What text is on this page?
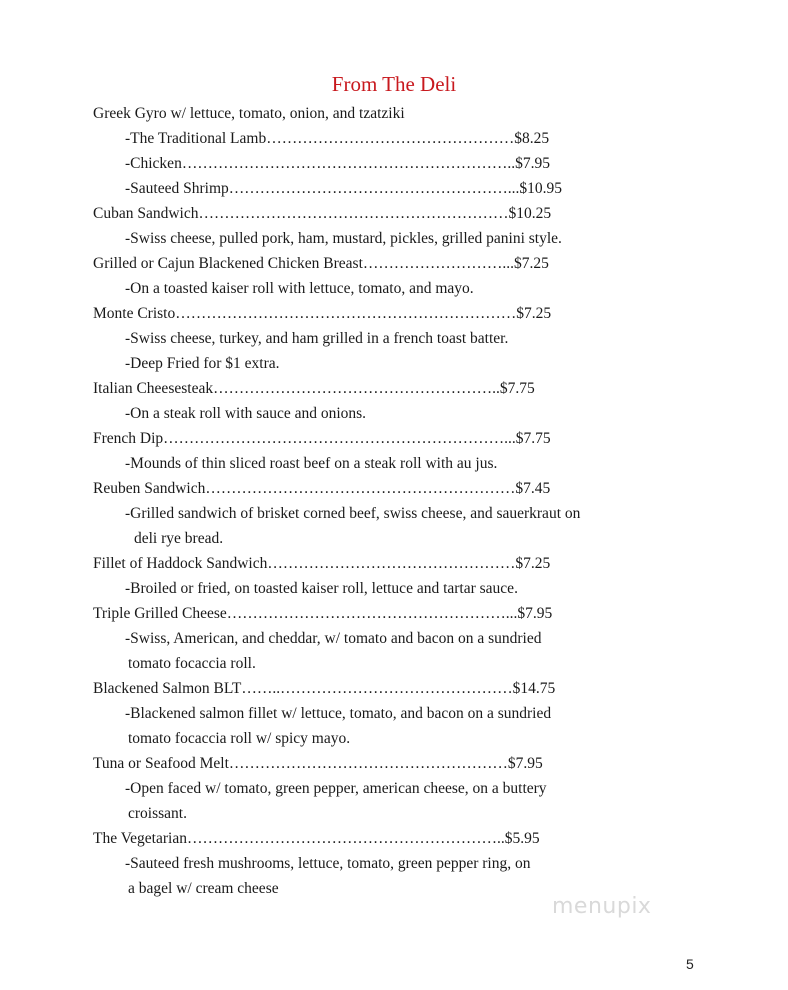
From The Deli
Greek Gyro w/ lettuce, tomato, onion, and tzatziki
-The Traditional Lamb…………………………………………$8.25
-Chicken………………………………………………………..$7.95
-Sauteed Shrimp………………………………………………...$10.95
Cuban Sandwich……………………………………………………$10.25
-Swiss cheese, pulled pork, ham, mustard, pickles, grilled panini style.
Grilled or Cajun Blackened Chicken Breast………………………...$7.25
-On a toasted kaiser roll with lettuce, tomato, and mayo.
Monte Cristo…………………………………………………………$7.25
-Swiss cheese, turkey, and ham grilled in a french toast batter.
-Deep Fried for $1 extra.
Italian Cheesesteak………………………………………………..$7.75
-On a steak roll with sauce and onions.
French Dip…………………………………………………………...$7.75
-Mounds of thin sliced roast beef on a steak roll with au jus.
Reuben Sandwich……………………………………………………$7.45
-Grilled sandwich of brisket corned beef, swiss cheese, and sauerkraut on
deli rye bread.
Fillet of Haddock Sandwich…………………………………………$7.25
-Broiled or fried, on toasted kaiser roll, lettuce and tartar sauce.
Triple Grilled Cheese………………………………………………...$7.95
-Swiss, American, and cheddar, w/ tomato and bacon on a sundried
tomato focaccia roll.
Blackened Salmon BLT……..………………………………………$14.75
-Blackened salmon fillet w/ lettuce, tomato, and bacon on a sundried
tomato focaccia roll w/ spicy mayo.
Tuna or Seafood Melt………………………………………………$7.95
-Open faced w/ tomato, green pepper, american cheese, on a buttery
croissant.
The Vegetarian……………………………………………………..$5.95
-Sauteed fresh mushrooms, lettuce, tomato, green pepper ring, on
a bagel w/ cream cheese
menupix
5
